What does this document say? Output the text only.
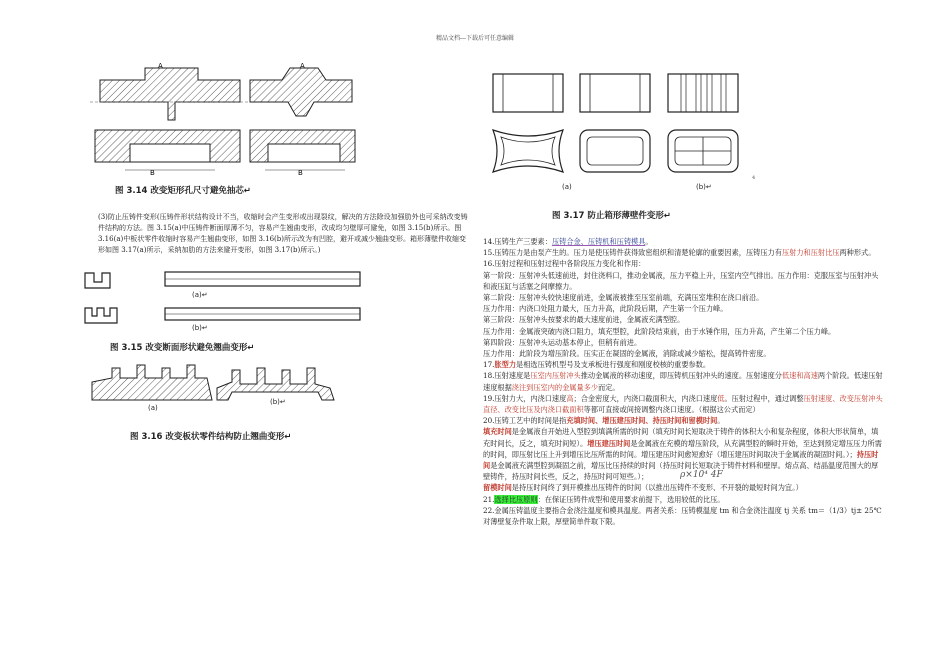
精品文档---下载后可任意编辑
A	A
B	B
图 3.14 改变矩形孔尺寸避免抽芯↵
(3)防止压铸件变形(压铸件形状结构设计不当，收缩时会产生变形或出现裂纹，解决的方法除设加强肋外也可采纳改变铸件结构的方法。图 3.15(a)中压铸件断面厚薄不匀，容易产生翘曲变形，改成均匀壁厚可避免，如图 3.15(b)所示。图 3.16(a)中板状零件收缩时容易产生翘曲变形，如图 3.16(b)所示改为有凹腔，避开或减少翘曲变形。箱形薄壁件收缩变形如图 3.17(a)所示，采纳加肋的方法来避开变形，如图 3.17(b)所示。)
(a)↵
(b)↵
图 3.15 改变断面形状避免翘曲变形↵
(a)
(b)↵
图 3.16 改变板状零件结构防止翘曲变形↵
(a)	(b)↵
4
图 3.17 防止箱形薄壁件变形↵

14.压铸生产三要素：压铸合金、压铸机和压铸模具。

15.压铸压力是由泵产生的。压力是使压铸件获得致密组织和清楚轮廓的重要因素，压铸压力有压射力和压射比压两种形式。

16.压射过程和压射过程中各阶段压力变化和作用：

第一阶段：压射冲头低速前进，封住浇料口，推动金属液，压力平稳上升，压室内空气排出。压力作用：克服压室与压射冲头和液压缸与活塞之间摩擦力。

第二阶段：压射冲头较快速度前进，金属液被推至压室前端，充满压室堆积在浇口前沿。

压力作用：内浇口处阻力最大，压力升高，此阶段后期，产生第一个压力峰。

第三阶段：压射冲头按要求的最大速度前进，金属液充满型腔。

压力作用：金属液突破内浇口阻力，填充型腔，此阶段结束前，由于水锤作用，压力升高，产生第二个压力峰。

第四阶段：压射冲头运动基本停止，但稍有前进。

压力作用：此阶段为增压阶段。压实正在凝固的金属液，消除或减少缩松，提高铸件密度。

17.胀型力是相选压铸机型号及支承板进行强度和刚度校核的重要参数。

18.压射速度是压室内压射冲头推动金属液的移动速度，即压铸机压射冲头的速度。压射速度分低速和高速两个阶段。低速压射速度根据浇注到压室内的金属量多少而定。

19.压射力大，内浇口速度高；合金密度大，内浇口截面积大，内浇口速度低。压射过程中，通过调整压射速度、改变压射冲头直径、改变比压及内浇口截面积等都可直接或间接调整内浇口速度。（根据这公式而定）

20.压铸工艺中的时间是指充填时间、增压建压时间、持压时间和留模时间。

填充时间是金属液自开始进入型腔到填满所需的时间（填充时间长短取决于铸件的体积大小和复杂程度，体积大形状简单，填充时间长，反之，填充时间短）。增压建压时间是金属液在充模的增压阶段，从充满型腔的瞬时开始，至达到预定增压压力所需的时间，即压射比压上升到增压比压所需的时间。增压建压时间愈短愈好（增压建压时间取决于金属液的凝固时间。）；持压时间是金属液充满型腔到凝固之前，增压比压持续的时间（持压时间长短取决于铸件材料和壁厚。熔点高、结晶温度范围大的厚壁铸件，持压时间长些，反之，持压时间可短些。）；

留模时间是持压时间终了到开模推出压铸件的时间（以推出压铸件不变形、不开裂的最短时间为宜。）

21.选择比压原则：在保证压铸件成型和使用要求前提下，选用较低的比压。

22.金属压铸温度主要指合金浇注温度和模具温度。两者关系：压铸模温度 tm 和合金浇注温度 tj 关系 tm＝（1/3）tj± 25℃对薄壁复杂件取上限，厚壁简单件取下限。

ρ×10⁴ 4F
